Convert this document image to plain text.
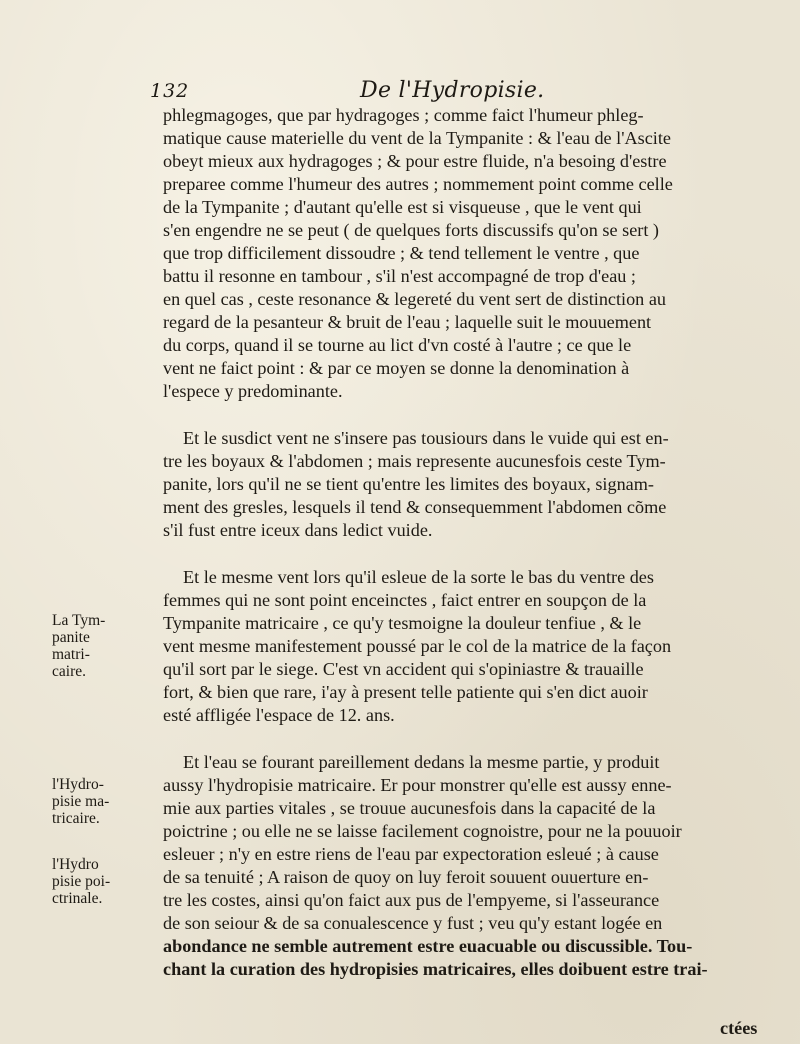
132	De l'Hydropisie.
phlegmagoges, que par hydragoges ; comme faict l'humeur phleg-
matique cause materielle du vent de la Tympanite : & l'eau de l'Ascite
obeyt mieux aux hydragoges ; & pour estre fluide, n'a besoing d'estre
preparee comme l'humeur des autres ; nommement point comme celle
de la Tympanite ; d'autant qu'elle est si visqueuse , que le vent qui
s'en engendre ne se peut ( de quelques forts discussifs qu'on se sert )
que trop difficilement dissoudre ; & tend tellement le ventre , que
battu il resonne en tambour , s'il n'est accompagné de trop d'eau ;
en quel cas , ceste resonance & legereté du vent sert de distinction au
regard de la pesanteur & bruit de l'eau ; laquelle suit le mouuement
du corps, quand il se tourne au lict d'vn costé à l'autre ; ce que le
vent ne faict point : & par ce moyen se donne la denomination à
l'espece y predominante.
Et le susdict vent ne s'insere pas tousiours dans le vuide qui est en-
tre les boyaux & l'abdomen ; mais represente aucunesfois ceste Tym-
panite, lors qu'il ne se tient qu'entre les limites des boyaux, signam-
ment des gresles, lesquels il tend & consequemment l'abdomen cõme
s'il fust entre iceux dans ledict vuide.
Et le mesme vent lors qu'il esleue de la sorte le bas du ventre des
femmes qui ne sont point enceinctes , faict entrer en soupçon de la
Tympanite matricaire , ce qu'y tesmoigne la douleur tenfiue , & le
vent mesme manifestement poussé par le col de la matrice de la façon
qu'il sort par le siege. C'est vn accident qui s'opiniastre & trauaille
fort, & bien que rare, i'ay à present telle patiente qui s'en dict auoir
esté affligée l'espace de 12. ans.
Et l'eau se fourant pareillement dedans la mesme partie, y produit
aussy l'hydropisie matricaire. Er pour monstrer qu'elle est aussy enne-
mie aux parties vitales , se trouue aucunesfois dans la capacité de la
poictrine ; ou elle ne se laisse facilement cognoistre, pour ne la pouuoir
esleuer ; n'y en estre riens de l'eau par expectoration esleué ; à cause
de sa tenuité ; A raison de quoy on luy feroit souuent ouuerture en-
tre les costes, ainsi qu'on faict aux pus de l'empyeme, si l'asseurance
de son seiour & de sa conualescence y fust ; veu qu'y estant logée en
abondance ne semble autrement estre euacuable ou discussible. Tou-
chant la curation des hydropisies matricaires, elles doibuent estre trai-
La Tym-
panite
matri-
caire.
l'Hydro-
pisie ma-
tricaire.
l'Hydro
pisie poi-
ctrinale.
ctées
